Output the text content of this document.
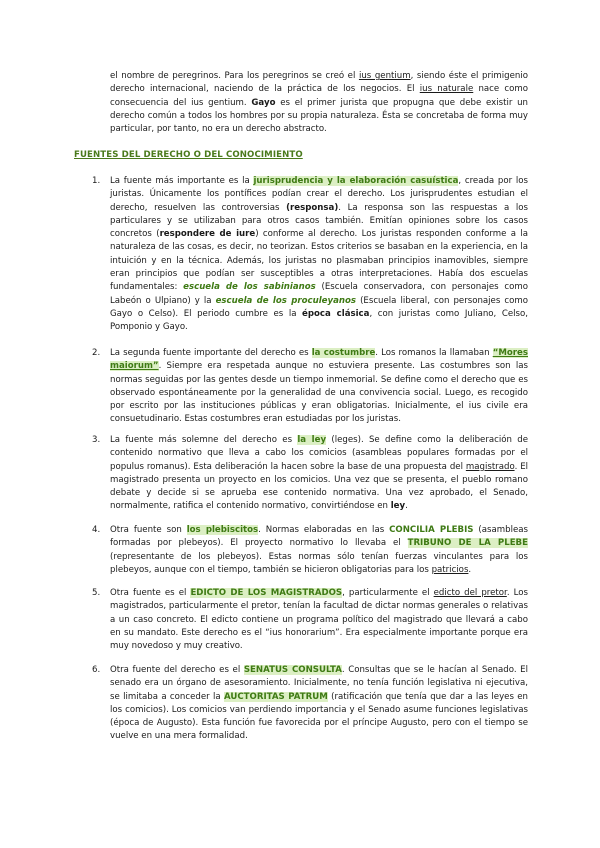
el nombre de peregrinos. Para los peregrinos se creó el ius gentium, siendo éste el primigenio derecho internacional, naciendo de la práctica de los negocios. El ius naturale nace como consecuencia del ius gentium. Gayo es el primer jurista que propugna que debe existir un derecho común a todos los hombres por su propia naturaleza. Ésta se concretaba de forma muy particular, por tanto, no era un derecho abstracto.

FUENTES DEL DERECHO O DEL CONOCIMIENTO
1. La fuente más importante es la jurisprudencia y la elaboración casuística, creada por los juristas. Únicamente los pontífices podían crear el derecho. Los jurisprudentes estudian el derecho, resuelven las controversias (responsa). La responsa son las respuestas a los particulares y se utilizaban para otros casos también. Emitían opiniones sobre los casos concretos (respondere de iure) conforme al derecho. Los juristas responden conforme a la naturaleza de las cosas, es decir, no teorizan. Estos criterios se basaban en la experiencia, en la intuición y en la técnica. Además, los juristas no plasmaban principios inamovibles, siempre eran principios que podían ser susceptibles a otras interpretaciones. Había dos escuelas fundamentales: escuela de los sabinianos (Escuela conservadora, con personajes como Labeón o Ulpiano) y la escuela de los proculeyanos (Escuela liberal, con personajes como Gayo o Celso). El periodo cumbre es la época clásica, con juristas como Juliano, Celso, Pomponio y Gayo.

2. La segunda fuente importante del derecho es la costumbre. Los romanos la llamaban “Mores maiorum”. Siempre era respetada aunque no estuviera presente. Las costumbres son las normas seguidas por las gentes desde un tiempo inmemorial. Se define como el derecho que es observado espontáneamente por la generalidad de una convivencia social. Luego, es recogido por escrito por las instituciones públicas y eran obligatorias. Inicialmente, el ius civile era consuetudinario. Estas costumbres eran estudiadas por los juristas.

3. La fuente más solemne del derecho es la ley (leges). Se define como la deliberación de contenido normativo que lleva a cabo los comicios (asambleas populares formadas por el populus romanus). Esta deliberación la hacen sobre la base de una propuesta del magistrado. El magistrado presenta un proyecto en los comicios. Una vez que se presenta, el pueblo romano debate y decide si se aprueba ese contenido normativa. Una vez aprobado, el Senado, normalmente, ratifica el contenido normativo, convirtiéndose en ley.

4. Otra fuente son los plebiscitos. Normas elaboradas en las CONCILIA PLEBIS (asambleas formadas por plebeyos). El proyecto normativo lo llevaba el TRIBUNO DE LA PLEBE (representante de los plebeyos). Estas normas sólo tenían fuerzas vinculantes para los plebeyos, aunque con el tiempo, también se hicieron obligatorias para los patricios.

5. Otra fuente es el EDICTO DE LOS MAGISTRADOS, particularmente el edicto del pretor. Los magistrados, particularmente el pretor, tenían la facultad de dictar normas generales o relativas a un caso concreto. El edicto contiene un programa político del magistrado que llevará a cabo en su mandato. Este derecho es el “ius honorarium”. Era especialmente importante porque era muy novedoso y muy creativo.

6. Otra fuente del derecho es el SENATUS CONSULTA. Consultas que se le hacían al Senado. El senado era un órgano de asesoramiento. Inicialmente, no tenía función legislativa ni ejecutiva, se limitaba a conceder la AUCTORITAS PATRUM (ratificación que tenía que dar a las leyes en los comicios). Los comicios van perdiendo importancia y el Senado asume funciones legislativas (época de Augusto). Esta función fue favorecida por el príncipe Augusto, pero con el tiempo se vuelve en una mera formalidad.
